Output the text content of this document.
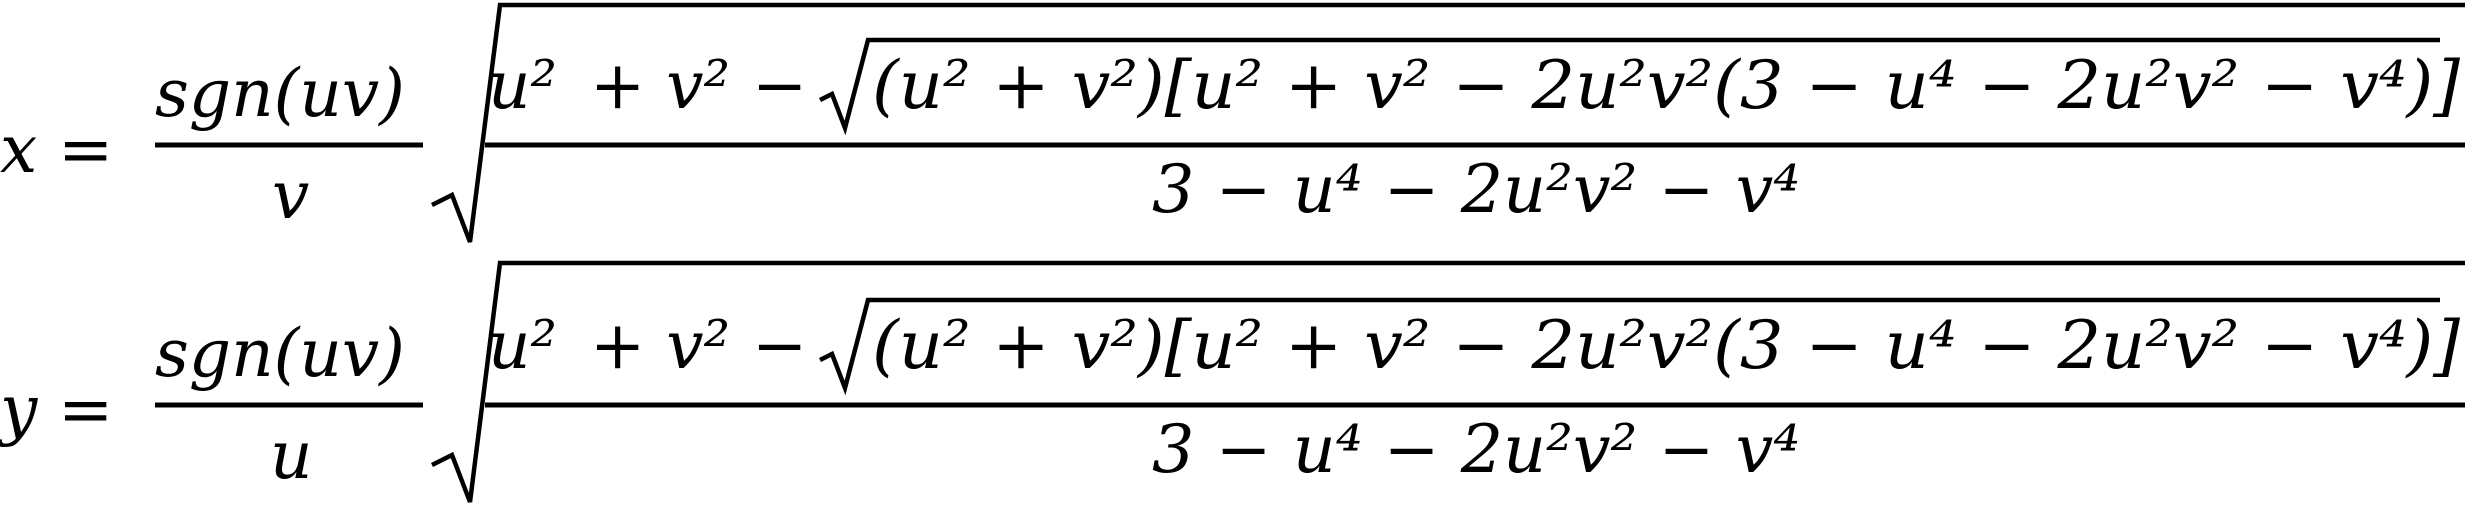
x =
sgn(uv)
v
u² + v² − (u² + v²)[u² + v² − 2u²v²(3 − u⁴ − 2u²v² − v⁴)]
3 − u⁴ − 2u²v² − v⁴
y =
sgn(uv)
u
u² + v² − (u² + v²)[u² + v² − 2u²v²(3 − u⁴ − 2u²v² − v⁴)]
3 − u⁴ − 2u²v² − v⁴
